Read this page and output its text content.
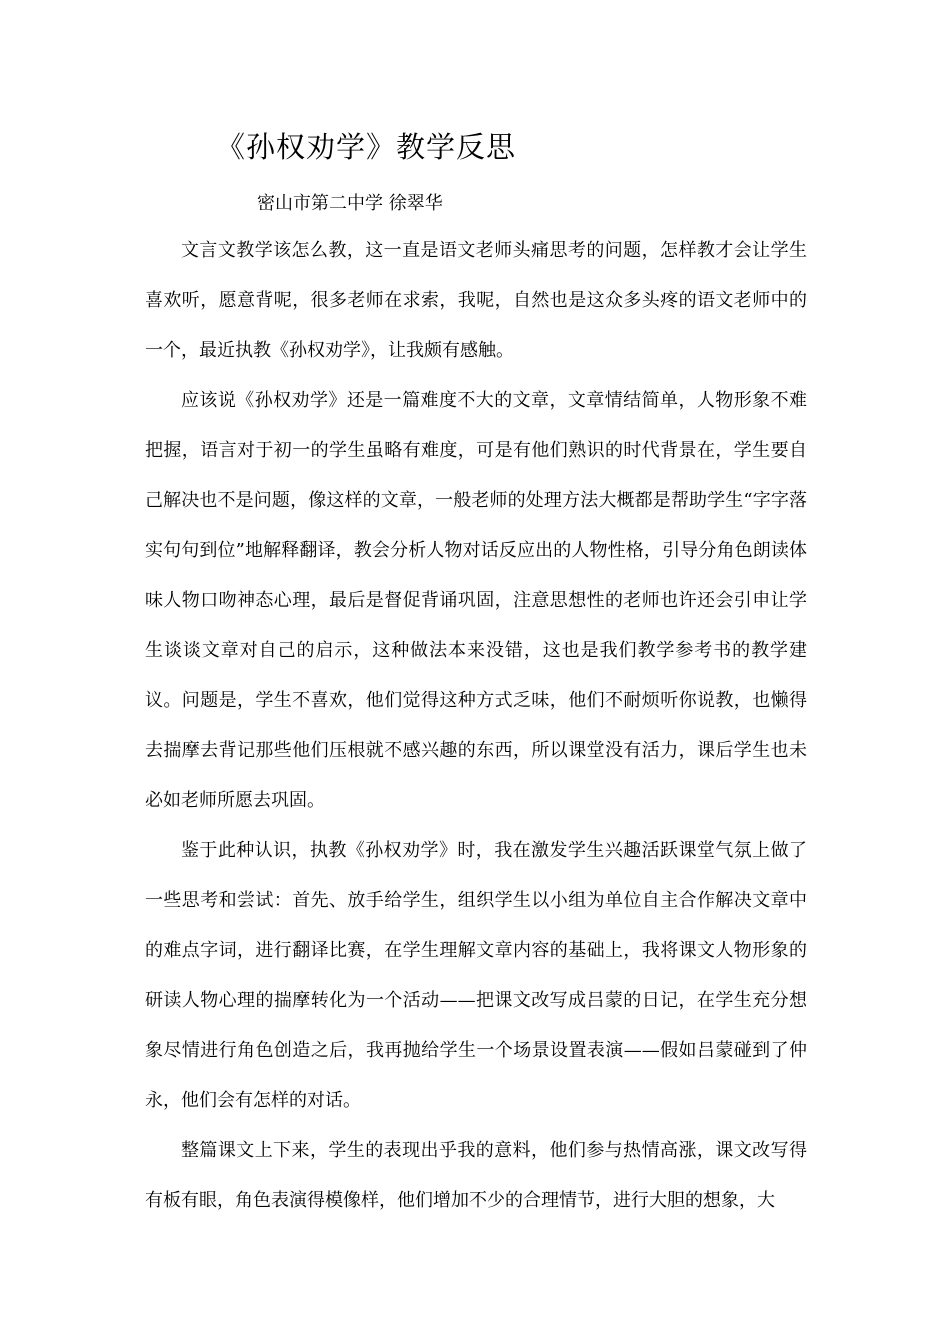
《孙权劝学》教学反思
密山市第二中学 徐翠华

文言文教学该怎么教，这一直是语文老师头痛思考的问题，怎样教才会让学生喜欢听，愿意背呢，很多老师在求索，我呢，自然也是这众多头疼的语文老师中的一个，最近执教《孙权劝学》，让我颇有感触。

应该说《孙权劝学》还是一篇难度不大的文章，文章情结简单，人物形象不难把握，语言对于初一的学生虽略有难度，可是有他们熟识的时代背景在，学生要自己解决也不是问题，像这样的文章，一般老师的处理方法大概都是帮助学生“字字落实句句到位”地解释翻译，教会分析人物对话反应出的人物性格，引导分角色朗读体味人物口吻神态心理，最后是督促背诵巩固，注意思想性的老师也许还会引申让学生谈谈文章对自己的启示，这种做法本来没错，这也是我们教学参考书的教学建议。问题是，学生不喜欢，他们觉得这种方式乏味，他们不耐烦听你说教，也懒得去揣摩去背记那些他们压根就不感兴趣的东西，所以课堂没有活力，课后学生也未必如老师所愿去巩固。

鉴于此种认识，执教《孙权劝学》时，我在激发学生兴趣活跃课堂气氛上做了一些思考和尝试：首先、放手给学生，组织学生以小组为单位自主合作解决文章中的难点字词，进行翻译比赛，在学生理解文章内容的基础上，我将课文人物形象的研读人物心理的揣摩转化为一个活动——把课文改写成吕蒙的日记，在学生充分想象尽情进行角色创造之后，我再抛给学生一个场景设置表演——假如吕蒙碰到了仲永，他们会有怎样的对话。

整篇课文上下来，学生的表现出乎我的意料，他们参与热情高涨，课文改写得有板有眼，角色表演得模像样，他们增加不少的合理情节，进行大胆的想象，大
